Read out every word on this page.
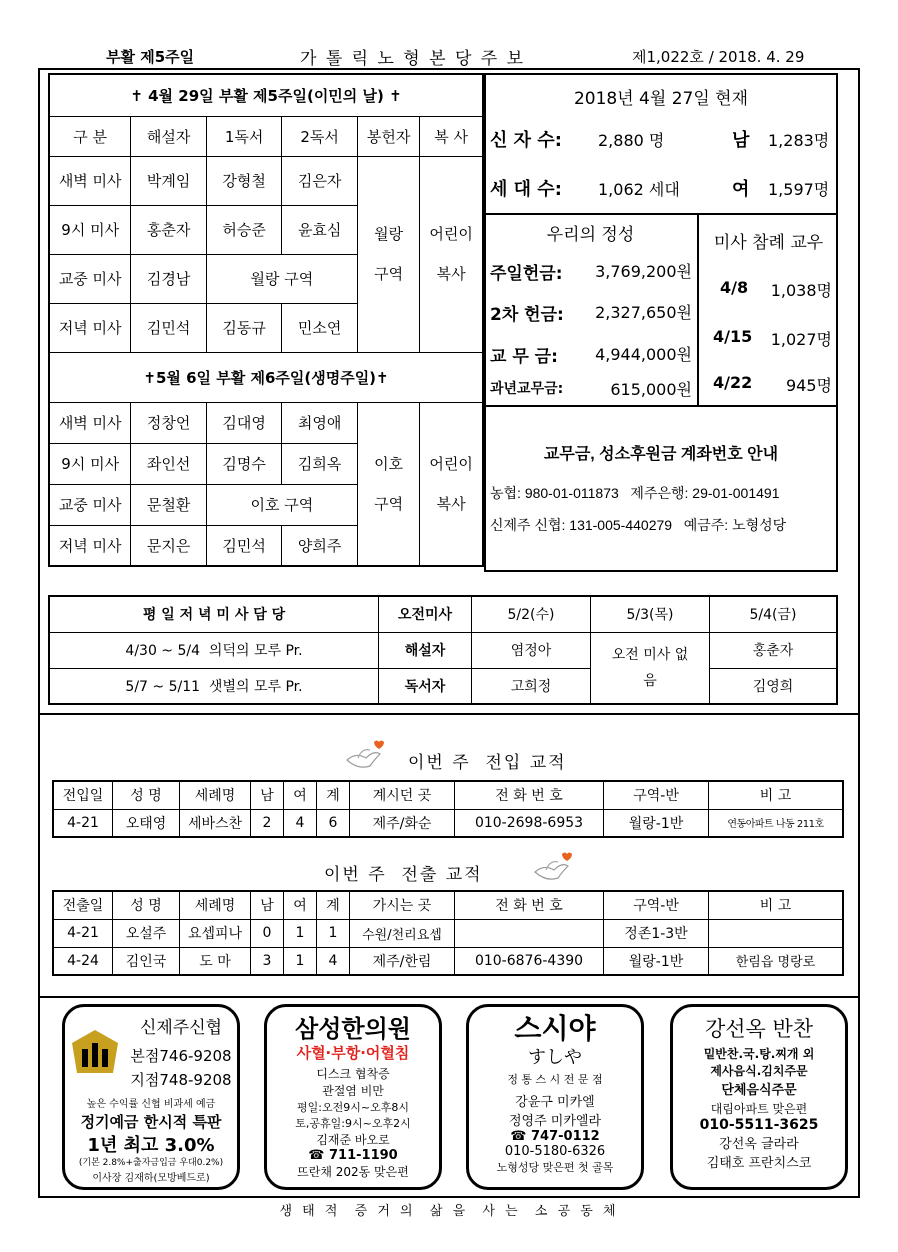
부활 제5주일	가 톨 릭 노 형 본 당 주 보	제1,022호 / 2018. 4. 29
✝ 4월 29일 부활 제5주일(이민의 날) ✝					
구 분	해설자	1독서	2독서	봉헌자	복 사
새벽 미사	박계임	강형철	김은자	월랑 구역	어린이 복사

9시 미사	홍춘자	허승준	윤효심		
교중 미사	김경남	월랑 구역			
저녁 미사	김민석	김동규	민소연		
✝5월 6일 부활 제6주일(생명주일)✝					
새벽 미사	정창언	김대영	최영애	이호 구역	어린이 복사

9시 미사	좌인선	김명수	김희옥		
교중 미사	문철환	이호 구역			
저녁 미사	문지은	김민석	양희주		
2018년 4월 27일 현재
신 자 수: 2,880 명	남 1,283명
세 대 수: 1,062 세대	여 1,597명
우리의 정성
주일헌금:	3,769,200원
2차 헌금:	2,327,650원
교 무 금:	4,944,000원
과년교무금:	615,000원
미사 참례 교우
4/8	1,038명
4/15	1,027명
4/22	945명
교무금, 성소후원금 계좌번호 안내
농협: 980-01-011873   제주은행: 29-01-001491
신제주 신협: 131-005-440279   예금주: 노형성당
평 일 저 녁 미 사 담 당	오전미사	5/2(수)	5/3(목)	5/4(금)
4/30 ~ 5/4  의덕의 모루 Pr.	해설자	염정아	오전 미사 없 음	홍춘자
5/7 ~ 5/11  샛별의 모루 Pr.	독서자	고희정		김영희
이번 주  전입 교적
전입일	성 명	세례명	남	여	계	계시던 곳	전 화 번 호	구역-반	비 고
4-21	오태영	세바스찬	2	4	6	제주/화순	010-2698-6953	월랑-1반	연동아파트 나동 211호
이번 주  전출 교적
전출일	성 명	세례명	남	여	계	가시는 곳	전 화 번 호	구역-반	비 고
4-21	오설주	요셉피나	0	1	1	수원/천리요셉		정존1-3반	
4-24	김인국	도 마	3	1	4	제주/한림	010-6876-4390	월랑-1반	한림읍 명랑로
신제주신협
본점746-9208
지점748-9208
높은 수익률 신협 비과세 예금
정기예금 한시적 특판
1년 최고 3.0%
(기본 2.8%+출자금입금 우대0.2%)
이사장 김재하(모방베드로)
삼성한의원
사혈·부항·어혈침
디스크 협착증
관절염 비만
평일:오전9시~오후8시
토,공휴일:9시~오후2시
김재준 바오로
☎ 711-1190
뜨란채 202동 맞은편
스시야
すしや
정 통 스 시 전 문 점
강윤구 미카엘
정영주 미카엘라
☎ 747-0112
010-5180-6326
노형성당 맞은편 첫 골목
강선옥 반찬
밑반찬.국.탕.찌개 외
제사음식.김치주문
단체음식주문
대림아파트 맞은편
010-5511-3625
강선옥 글라라
김태호 프란치스코
생 태 적  증 거 의  삶 을  사 는  소 공 동 체
